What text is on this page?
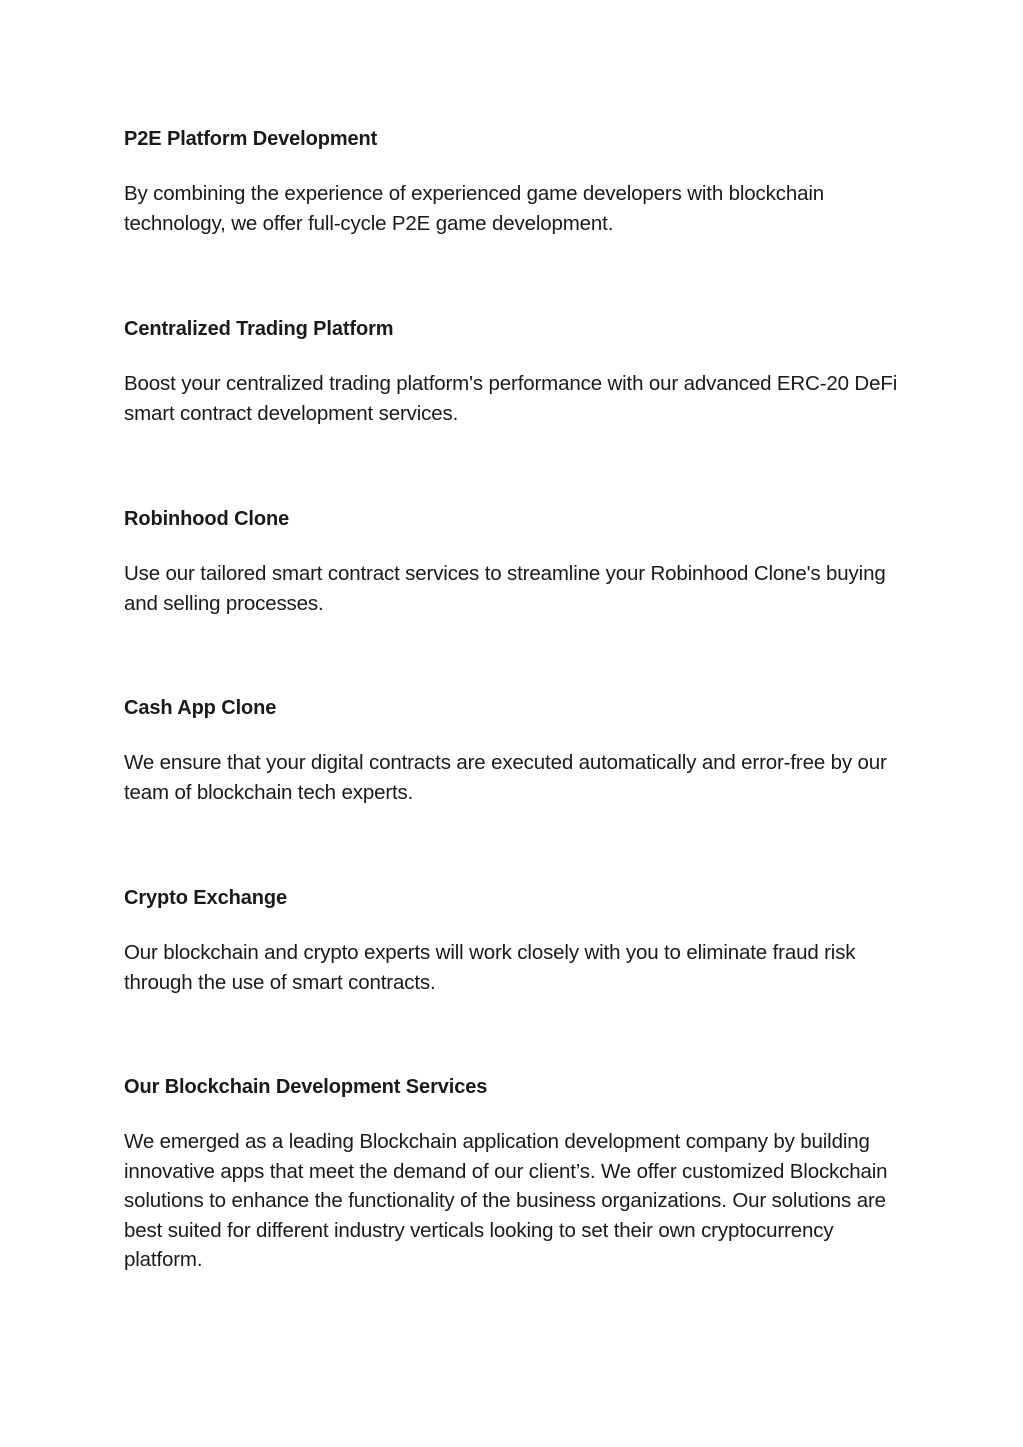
P2E Platform Development

By combining the experience of experienced game developers with blockchain technology, we offer full-cycle P2E game development.

Centralized Trading Platform

Boost your centralized trading platform's performance with our advanced ERC-20 DeFi smart contract development services.

Robinhood Clone

Use our tailored smart contract services to streamline your Robinhood Clone's buying and selling processes.

Cash App Clone

We ensure that your digital contracts are executed automatically and error-free by our team of blockchain tech experts.

Crypto Exchange

Our blockchain and crypto experts will work closely with you to eliminate fraud risk through the use of smart contracts.

Our Blockchain Development Services

We emerged as a leading Blockchain application development company by building innovative apps that meet the demand of our client’s. We offer customized Blockchain solutions to enhance the functionality of the business organizations. Our solutions are best suited for different industry verticals looking to set their own cryptocurrency platform.
